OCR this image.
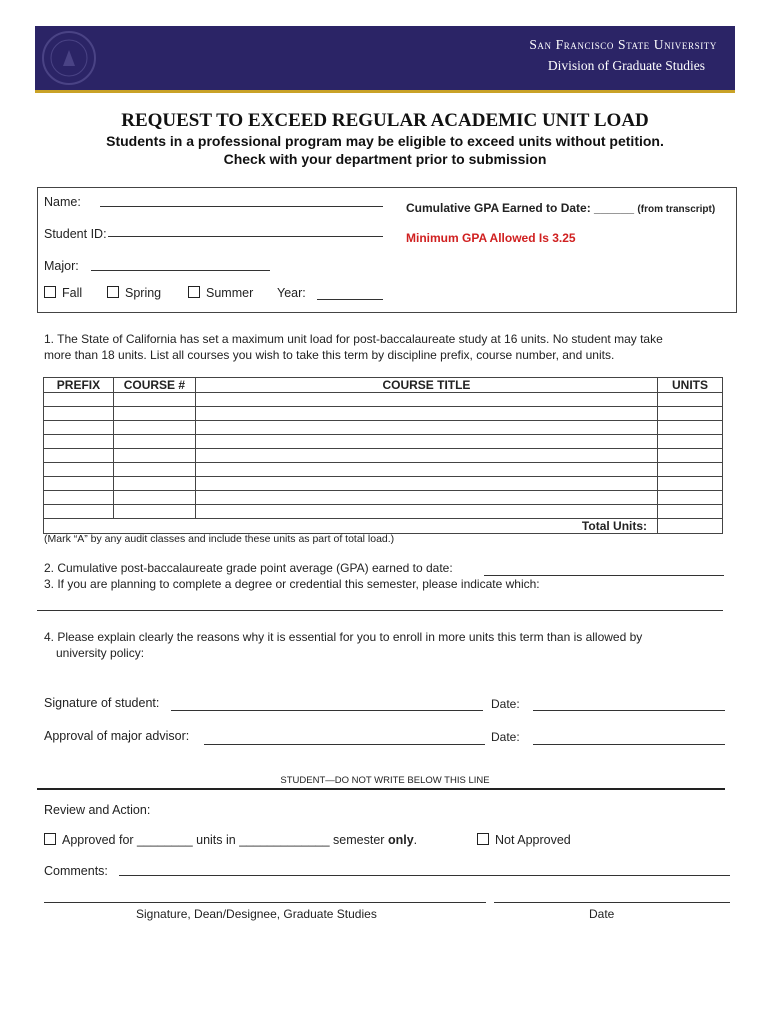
San Francisco State University
Division of Graduate Studies
REQUEST TO EXCEED REGULAR ACADEMIC UNIT LOAD
Students in a professional program may be eligible to exceed units without petition.
Check with your department prior to submission
Name:
Student ID:
Major:
Cumulative GPA Earned to Date: ______ (from transcript)
Minimum GPA Allowed Is 3.25
Fall	Spring	Summer Year:
1. The State of California has set a maximum unit load for post-baccalaureate study at 16 units. No student may take
more than 18 units. List all courses you wish to take this term by discipline prefix, course number, and units.
PREFIX	COURSE #	COURSE TITLE	UNITS

Total Units:			
(Mark “A” by any audit classes and include these units as part of total load.)
2. Cumulative post-baccalaureate grade point average (GPA) earned to date:
3. If you are planning to complete a degree or credential this semester, please indicate which:
4. Please explain clearly the reasons why it is essential for you to enroll in more units this term than is allowed by
university policy:
Signature of student:	Date:
Approval of major advisor:	Date:
STUDENT—DO NOT WRITE BELOW THIS LINE
Review and Action:
Approved for ________ units in _____________ semester only.	Not Approved
Comments:
Signature, Dean/Designee, Graduate Studies	Date
